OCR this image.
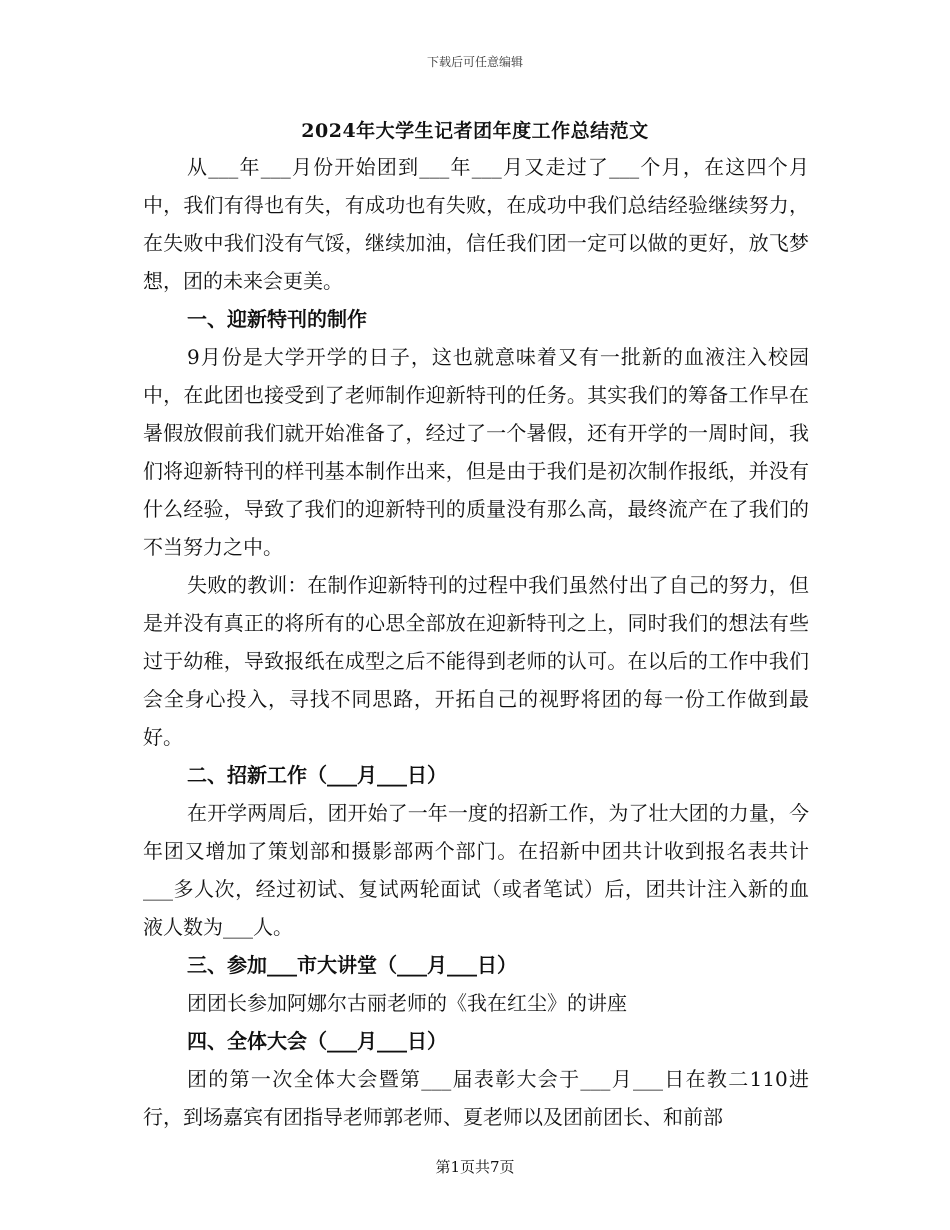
下载后可任意编辑
2024年大学生记者团年度工作总结范文

从___年___月份开始团到___年___月又走过了___个月，在这四个月中，我们有得也有失，有成功也有失败，在成功中我们总结经验继续努力，在失败中我们没有气馁，继续加油，信任我们团一定可以做的更好，放飞梦想，团的未来会更美。

一、迎新特刊的制作

9月份是大学开学的日子，这也就意味着又有一批新的血液注入校园中，在此团也接受到了老师制作迎新特刊的任务。其实我们的筹备工作早在暑假放假前我们就开始准备了，经过了一个暑假，还有开学的一周时间，我们将迎新特刊的样刊基本制作出来，但是由于我们是初次制作报纸，并没有什么经验，导致了我们的迎新特刊的质量没有那么高，最终流产在了我们的不当努力之中。

失败的教训：在制作迎新特刊的过程中我们虽然付出了自己的努力，但是并没有真正的将所有的心思全部放在迎新特刊之上，同时我们的想法有些过于幼稚，导致报纸在成型之后不能得到老师的认可。在以后的工作中我们会全身心投入，寻找不同思路，开拓自己的视野将团的每一份工作做到最好。

二、招新工作（___月___日）

在开学两周后，团开始了一年一度的招新工作，为了壮大团的力量，今年团又增加了策划部和摄影部两个部门。在招新中团共计收到报名表共计___多人次，经过初试、复试两轮面试（或者笔试）后，团共计注入新的血液人数为___人。

三、参加___市大讲堂（___月___日）

团团长参加阿娜尔古丽老师的《我在红尘》的讲座

四、全体大会（___月___日）

团的第一次全体大会暨第___届表彰大会于___月___日在教二110进行，到场嘉宾有团指导老师郭老师、夏老师以及团前团长、和前部

第1页共7页
